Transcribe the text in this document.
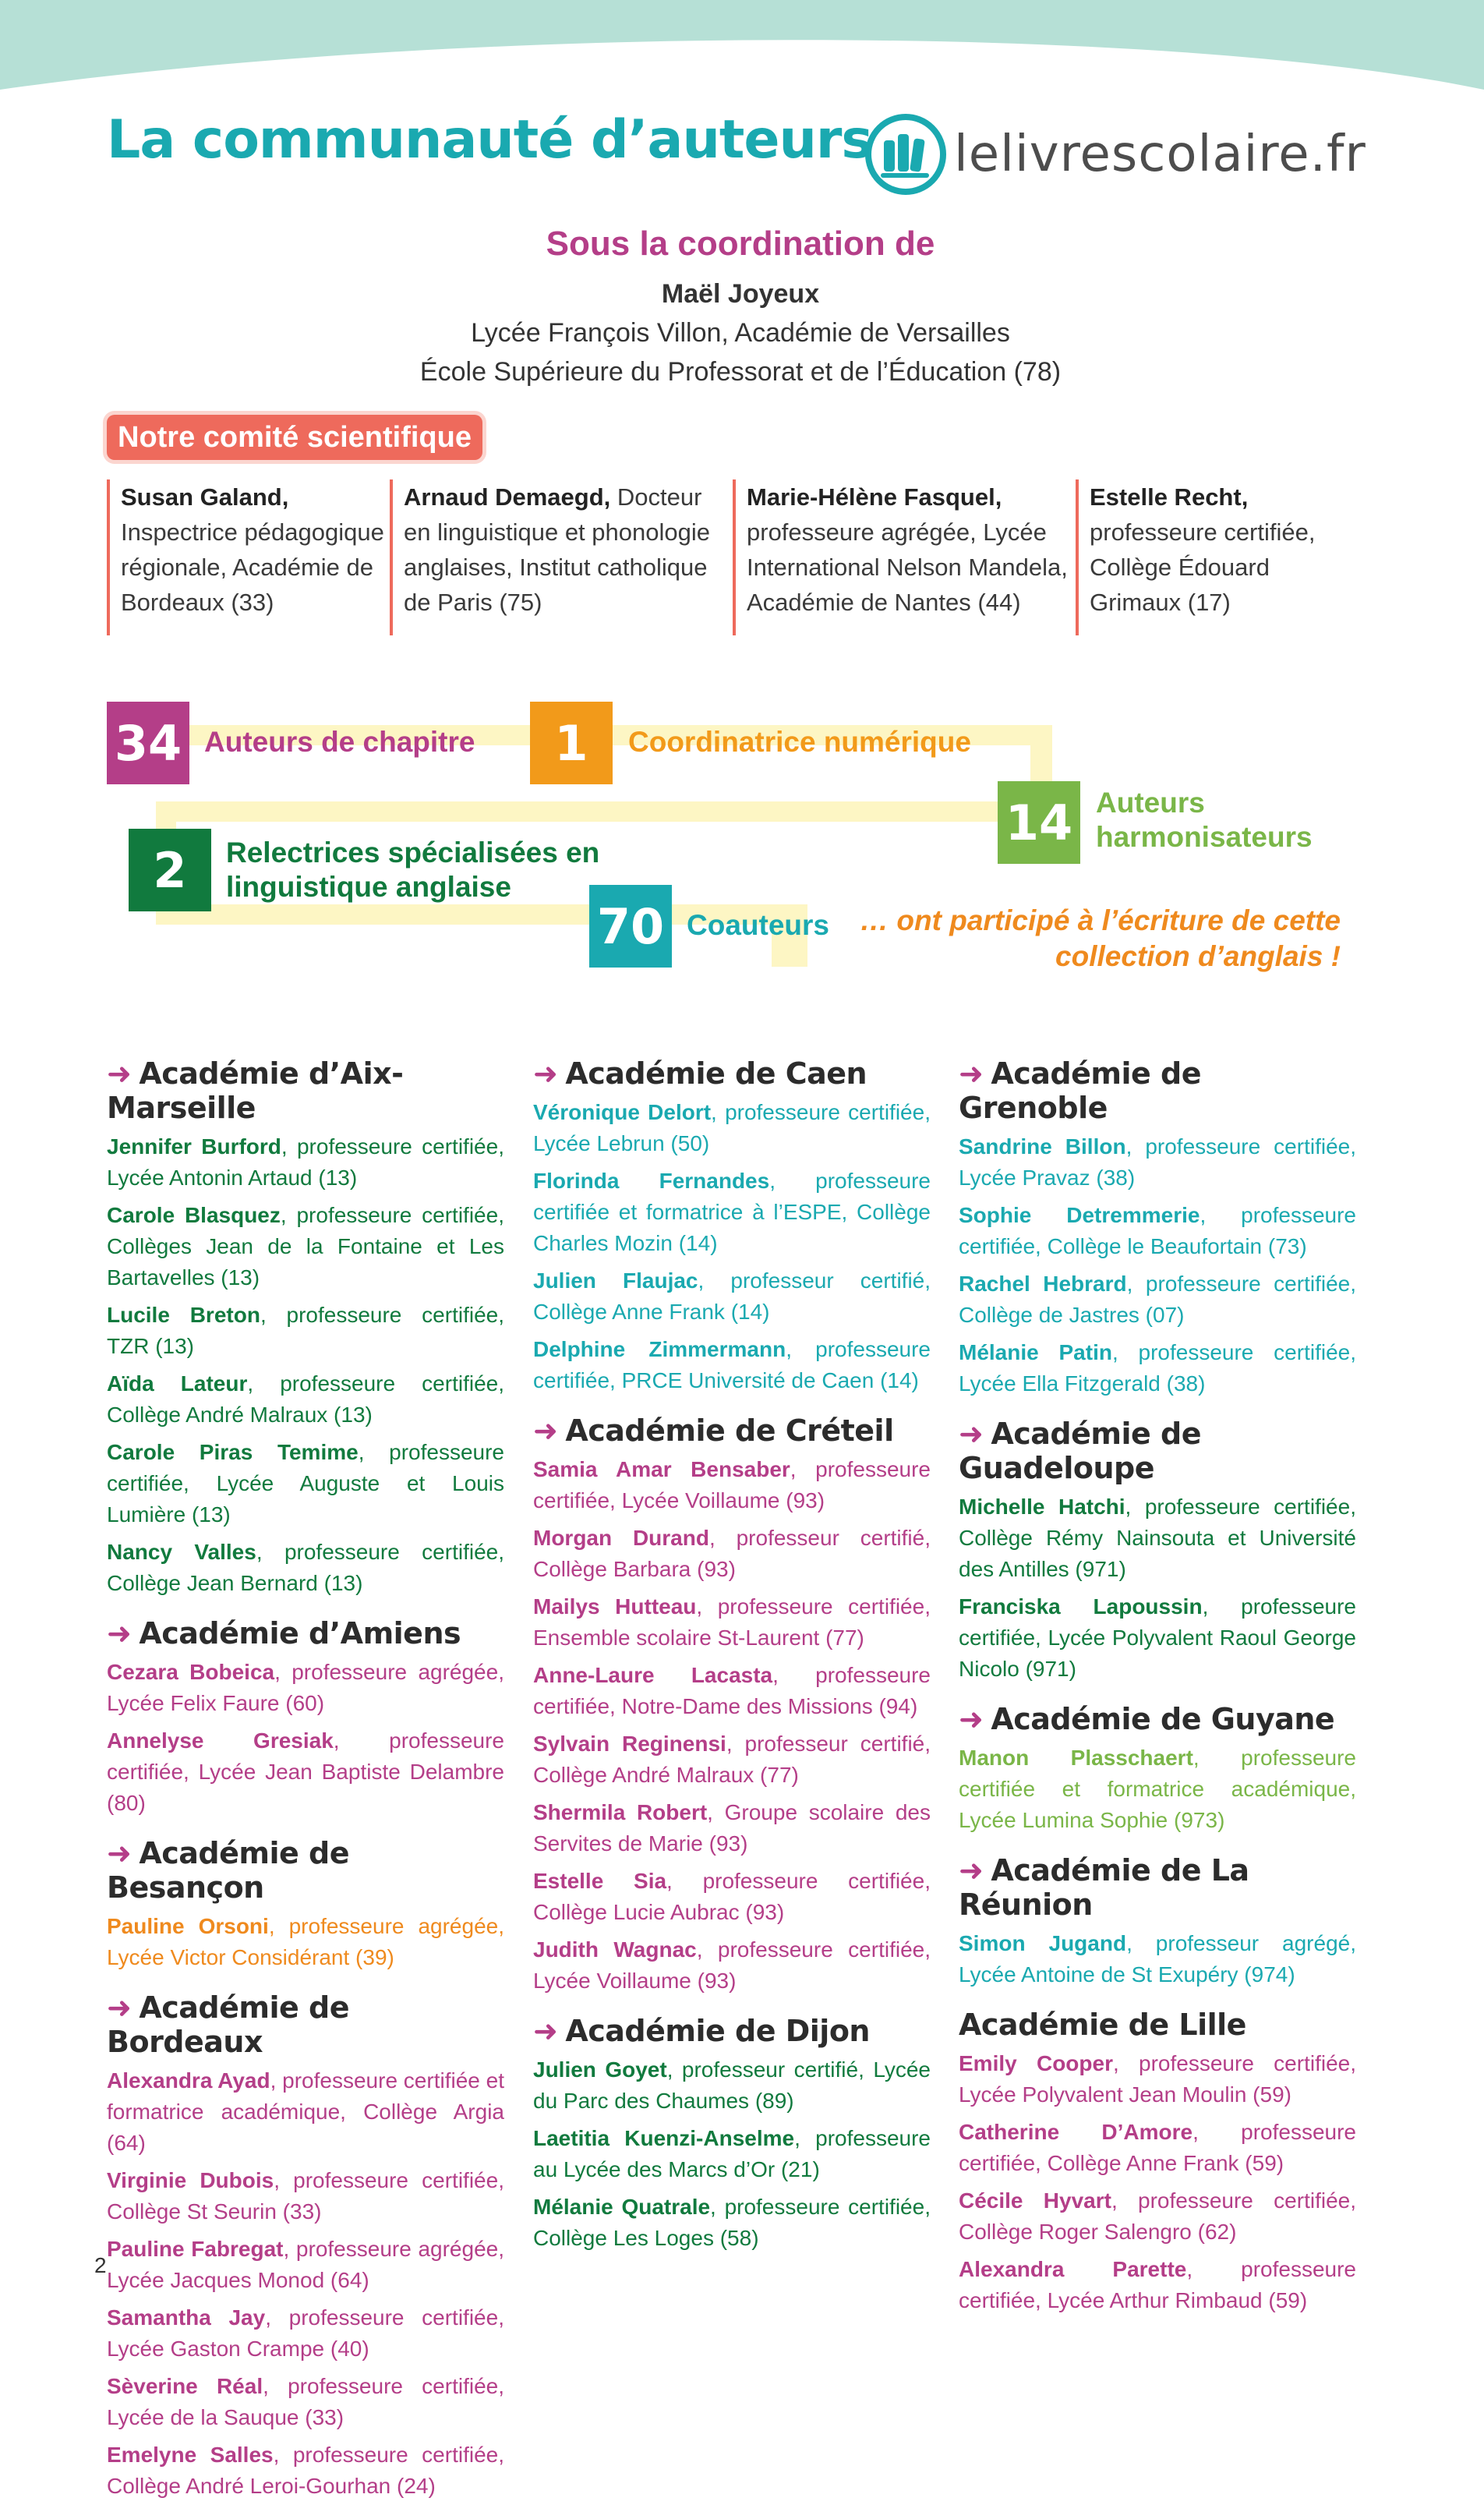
La communauté d’auteurs lelivrescolaire.fr

Sous la coordination de

Maël Joyeux

Lycée François Villon, Académie de Versailles

École Supérieure du Professorat et de l’Éducation (78)

Notre comité scientifique
Susan Galand, Inspectrice pédagogique régionale, Académie de Bordeaux (33)
Arnaud Demaegd, Docteur en linguistique et phonologie anglaises, Institut catholique de Paris (75)
Marie-Hélène Fasquel, professeure agrégée, Lycée International Nelson Mandela, Académie de Nantes (44)
Estelle Recht, professeure certifiée, Collège Édouard Grimaux (17)
34 Auteurs de chapitre	1	Coordinatrice numérique
14 Auteurs
harmonisateurs
2	Relectrices spécialisées en
linguistique anglaise
70 Coauteurs … ont participé à l’écriture de cette
collection d’anglais !
➜ Académie d’Aix-Marseille

Jennifer Burford, professeure certifiée, Lycée Antonin Artaud (13)

Carole Blasquez, professeure certifiée, Collèges Jean de la Fontaine et Les Bartavelles (13)

Lucile Breton, professeure certifiée, TZR (13)

Aïda Lateur, professeure certifiée, Collège André Malraux (13)

Carole Piras Temime, professeure certifiée, Lycée Auguste et Louis Lumière (13)

Nancy Valles, professeure certifiée, Collège Jean Bernard (13)

➜ Académie d’Amiens

Cezara Bobeica, professeure agrégée, Lycée Felix Faure (60)

Annelyse Gresiak, professeure certifiée, Lycée Jean Baptiste Delambre (80)

➜ Académie de Besançon

Pauline Orsoni, professeure agrégée, Lycée Victor Considérant (39)

➜ Académie de Bordeaux

Alexandra Ayad, professeure certifiée et formatrice académique, Collège Argia (64)

Virginie Dubois, professeure certifiée, Collège St Seurin (33)

Pauline Fabregat, professeure agrégée, Lycée Jacques Monod (64)

Samantha Jay, professeure certifiée, Lycée Gaston Crampe (40)

Sèverine Réal, professeure certifiée, Lycée de la Sauque (33)

Emelyne Salles, professeure certifiée, Collège André Leroi-Gourhan (24)

➜ Académie de Caen

Véronique Delort, professeure certifiée, Lycée Lebrun (50)

Florinda Fernandes, professeure certifiée et formatrice à l’ESPE, Collège Charles Mozin (14)

Julien Flaujac, professeur certifié, Collège Anne Frank (14)

Delphine Zimmermann, professeure certifiée, PRCE Université de Caen (14)

➜ Académie de Créteil

Samia Amar Bensaber, professeure certifiée, Lycée Voillaume (93)

Morgan Durand, professeur certifié, Collège Barbara (93)

Mailys Hutteau, professeure certifiée, Ensemble scolaire St-Laurent (77)

Anne-Laure Lacasta, professeure certifiée, Notre-Dame des Missions (94)

Sylvain Reginensi, professeur certifié, Collège André Malraux (77)

Shermila Robert, Groupe scolaire des Servites de Marie (93)

Estelle Sia, professeure certifiée, Collège Lucie Aubrac (93)

Judith Wagnac, professeure certifiée, Lycée Voillaume (93)

➜ Académie de Dijon

Julien Goyet, professeur certifié, Lycée du Parc des Chaumes (89)

Laetitia Kuenzi-Anselme, professeure au Lycée des Marcs d’Or (21)

Mélanie Quatrale, professeure certifiée, Collège Les Loges (58)

➜ Académie de Grenoble

Sandrine Billon, professeure certifiée, Lycée Pravaz (38)

Sophie Detremmerie, professeure certifiée, Collège le Beaufortain (73)

Rachel Hebrard, professeure certifiée, Collège de Jastres (07)

Mélanie Patin, professeure certifiée, Lycée Ella Fitzgerald (38)

➜ Académie de Guadeloupe

Michelle Hatchi, professeure certifiée, Collège Rémy Nainsouta et Université des Antilles (971)

Franciska Lapoussin, professeure certifiée, Lycée Polyvalent Raoul George Nicolo (971)

➜ Académie de Guyane

Manon Plasschaert, professeure certifiée et formatrice académique, Lycée Lumina Sophie (973)

➜ Académie de La Réunion

Simon Jugand, professeur agrégé, Lycée Antoine de St Exupéry (974)

Académie de Lille

Emily Cooper, professeure certifiée, Lycée Polyvalent Jean Moulin (59)

Catherine D’Amore, professeure certifiée, Collège Anne Frank (59)

Cécile Hyvart, professeure certifiée, Collège Roger Salengro (62)

Alexandra Parette, professeure certifiée, Lycée Arthur Rimbaud (59)

2
